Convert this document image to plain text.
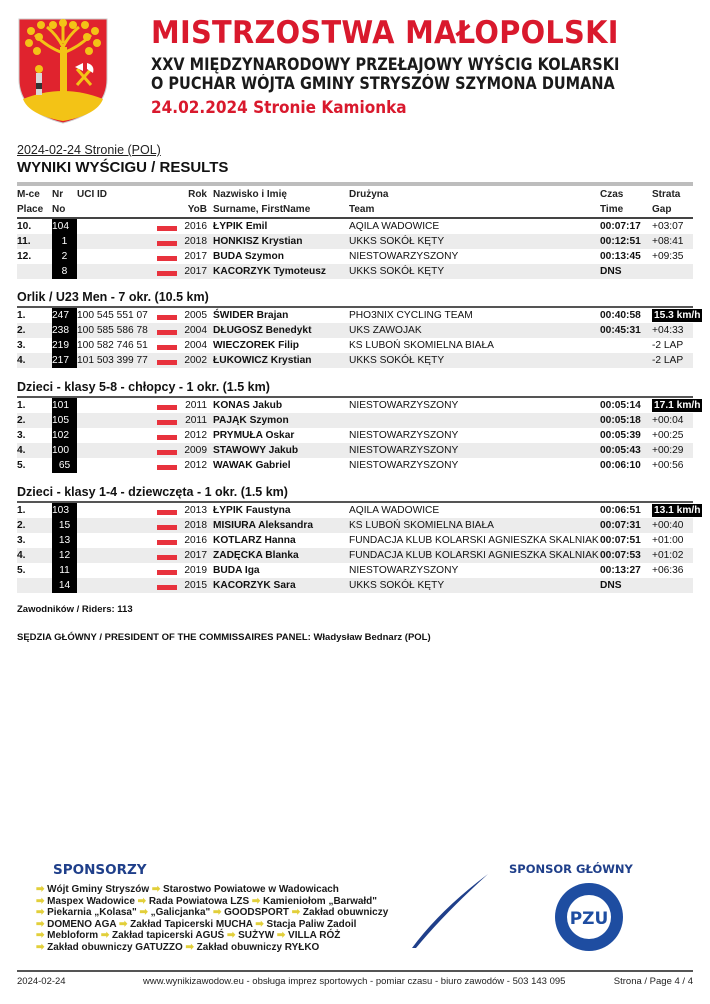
MISTRZOSTWA MAŁOPOLSKI
XXV MIĘDZYNARODOWY PRZEŁAJOWY WYŚCIG KOLARSKI
O PUCHAR WÓJTA GMINY STRYSZÓW SZYMONA DUMANA
24.02.2024 Stronie Kamionka
2024-02-24 Stronie (POL)
WYNIKI WYŚCIGU / RESULTS
M-ce	Nr	UCI ID		Rok	Nazwisko i Imię	Drużyna	Czas	Strata
Place	No			YoB	Surname, FirstName	Team	Time	Gap
10.	104			2016	ŁYPIK Emil	AQILA WADOWICE	00:07:17	+03:07
11.	1			2018	HONKISZ Krystian	UKKS SOKÓŁ KĘTY	00:12:51	+08:41
12.	2			2017	BUDA Szymon	NIESTOWARZYSZONY	00:13:45	+09:35
	8			2017	KACORZYK Tymoteusz	UKKS SOKÓŁ KĘTY	DNS	
Orlik / U23 Men - 7 okr. (10.5 km)
1.	247	100 545 551 07		2005	ŚWIDER Brajan	PHO3NIX CYCLING TEAM	00:40:58	15.3 km/h
2.	238	100 585 586 78		2004	DŁUGOSZ Benedykt	UKS ZAWOJAK	00:45:31	+04:33
3.	219	100 582 746 51		2004	WIECZOREK Filip	KS LUBOŃ SKOMIELNA BIAŁA		-2 LAP
4.	217	101 503 399 77		2002	ŁUKOWICZ Krystian	UKKS SOKÓŁ KĘTY		-2 LAP
Dzieci - klasy 5-8 - chłopcy - 1 okr. (1.5 km)
1.	101			2011	KONAS Jakub	NIESTOWARZYSZONY	00:05:14	17.1 km/h
2.	105			2011	PAJĄK Szymon		00:05:18	+00:04
3.	102			2012	PRYMUŁA Oskar	NIESTOWARZYSZONY	00:05:39	+00:25
4.	100			2009	STAWOWY Jakub	NIESTOWARZYSZONY	00:05:43	+00:29
5.	65			2012	WAWAK Gabriel	NIESTOWARZYSZONY	00:06:10	+00:56
Dzieci - klasy 1-4 - dziewczęta - 1 okr. (1.5 km)
1.	103			2013	ŁYPIK Faustyna	AQILA WADOWICE	00:06:51	13.1 km/h
2.	15			2018	MISIURA Aleksandra	KS LUBOŃ SKOMIELNA BIAŁA	00:07:31	+00:40
3.	13			2016	KOTLARZ Hanna	FUNDACJA KLUB KOLARSKI AGNIESZKA SKALNIAK	00:07:51	+01:00
4.	12			2017	ZADĘCKA Blanka	FUNDACJA KLUB KOLARSKI AGNIESZKA SKALNIAK	00:07:53	+01:02
5.	11			2019	BUDA Iga	NIESTOWARZYSZONY	00:13:27	+06:36
	14			2015	KACORZYK Sara	UKKS SOKÓŁ KĘTY	DNS	
Zawodników / Riders: 113
SĘDZIA GŁÓWNY / PRESIDENT OF THE COMMISSAIRES PANEL: Władysław Bednarz (POL)
SPONSORZY
➡ Wójt Gminy Stryszów ➡ Starostwo Powiatowe w Wadowicach
➡ Maspex Wadowice ➡ Rada Powiatowa LZS ➡ Kamieniołom „Barwałd"
➡ Piekarnia „Kolasa" ➡ „Galicjanka" ➡ GOODSPORT ➡ Zakład obuwniczy
➡ DOMENO AGA ➡ Zakład Tapicerski MUCHA ➡ Stacja Paliw Zadoil
➡ Mebloform ➡ Zakład tapicerski AGUŚ ➡ SUŻYW ➡ VILLA RÓŻ
➡ Zakład obuwniczy GATUZZO ➡ Zakład obuwniczy RYŁKO
SPONSOR GŁÓWNY
PZU
2024-02-24	www.wynikizawodow.eu - obsługa imprez sportowych - pomiar czasu - biuro zawodów - 503 143 095	Strona / Page 4 / 4
